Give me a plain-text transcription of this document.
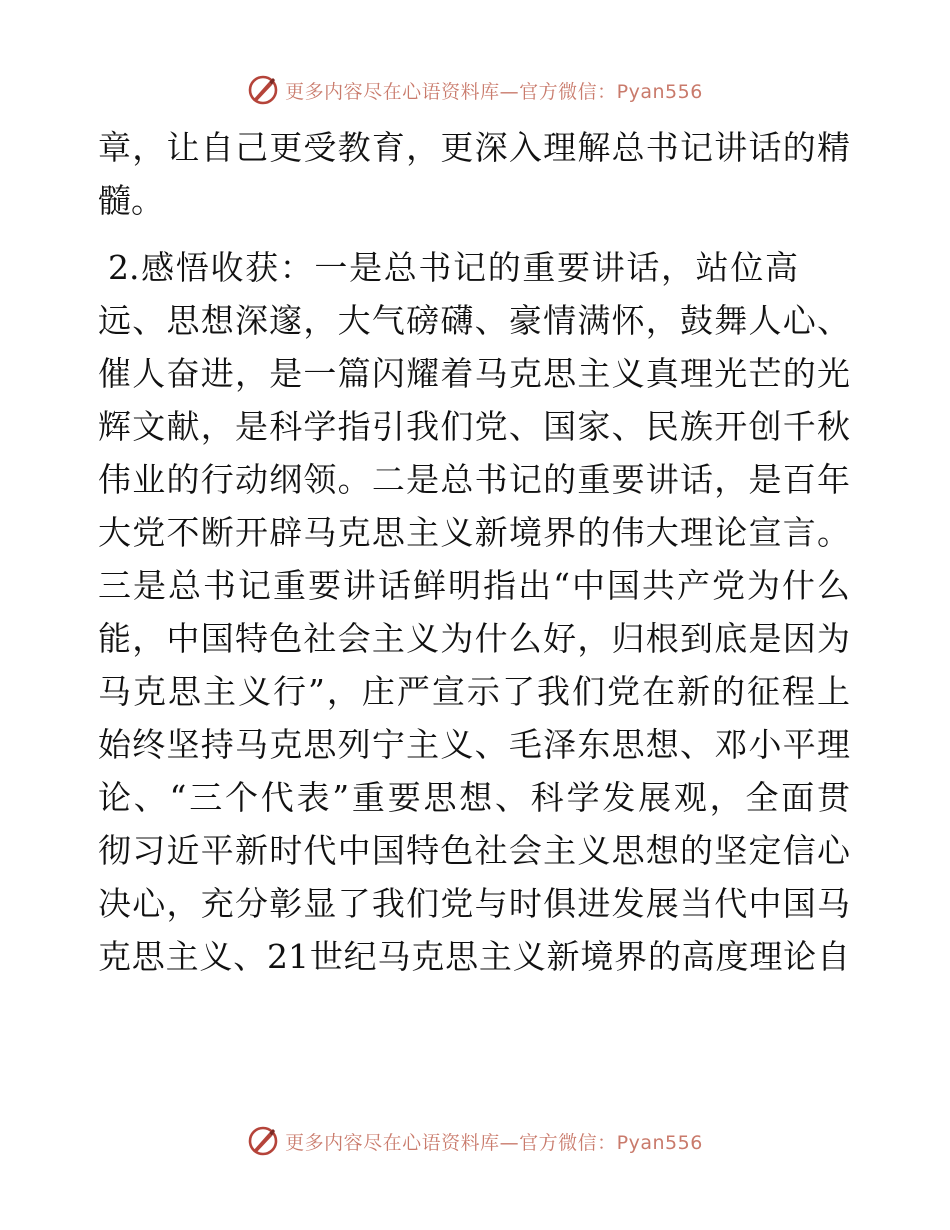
更多内容尽在心语资料库—官方微信：Pyan556
章，让自己更受教育，更深入理解总书记讲话的精
髓。
2.感悟收获：一是总书记的重要讲话，站位高
远、思想深邃，大气磅礴、豪情满怀，鼓舞人心、
催人奋进，是一篇闪耀着马克思主义真理光芒的光
辉文献，是科学指引我们党、国家、民族开创千秋
伟业的行动纲领。二是总书记的重要讲话，是百年
大党不断开辟马克思主义新境界的伟大理论宣言。
三是总书记重要讲话鲜明指出“中国共产党为什么
能，中国特色社会主义为什么好，归根到底是因为
马克思主义行”，庄严宣示了我们党在新的征程上
始终坚持马克思列宁主义、毛泽东思想、邓小平理
论、“三个代表”重要思想、科学发展观，全面贯
彻习近平新时代中国特色社会主义思想的坚定信心
决心，充分彰显了我们党与时俱进发展当代中国马
克思主义、21世纪马克思主义新境界的高度理论自
更多内容尽在心语资料库—官方微信：Pyan556
